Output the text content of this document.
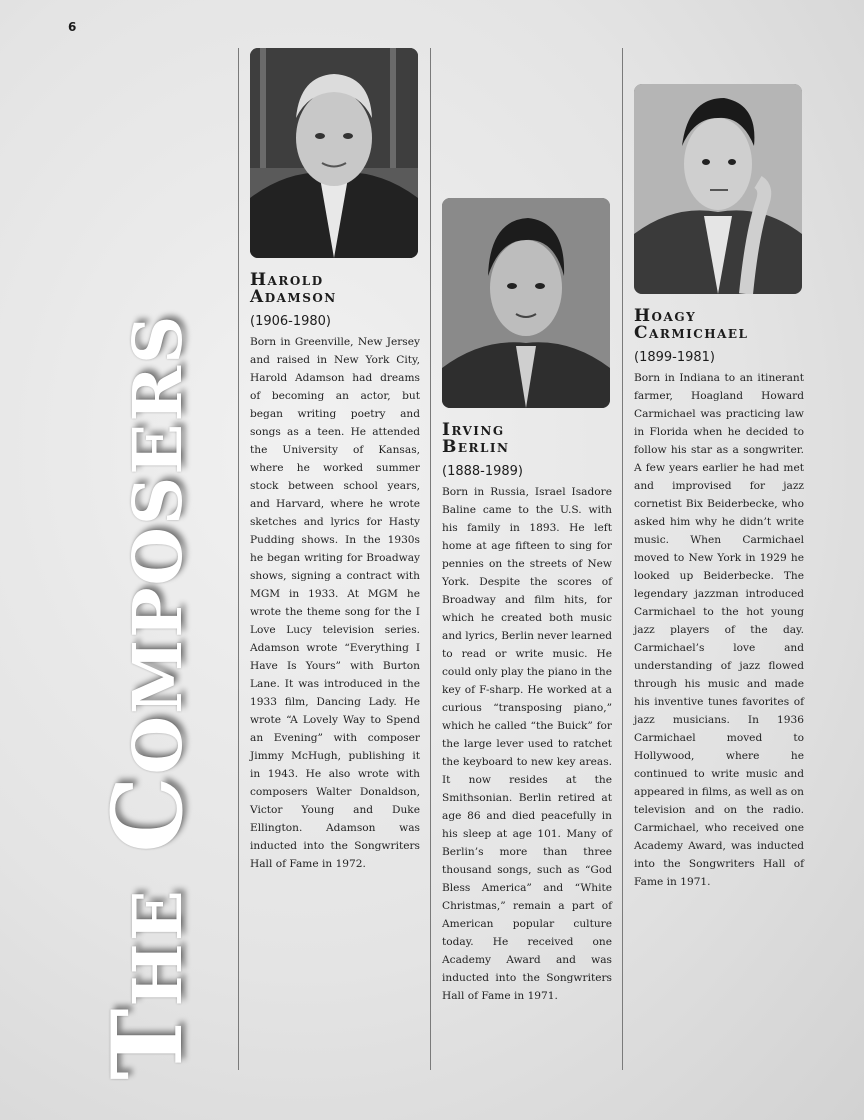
6
The Composers

Harold
Adamson

(1906-1980)

Born in Greenville, New Jersey and raised in New York City, Harold Adamson had dreams of becoming an actor, but began writing poetry and songs as a teen. He attended the University of Kansas, where he worked summer stock between school years, and Harvard, where he wrote sketches and lyrics for Hasty Pudding shows. In the 1930s he began writing for Broadway shows, signing a contract with MGM in 1933. At MGM he wrote the theme song for the I Love Lucy television series. Adamson wrote “Everything I Have Is Yours” with Burton Lane. It was introduced in the 1933 film, Dancing Lady. He wrote “A Lovely Way to Spend an Evening” with composer Jimmy McHugh, publishing it in 1943. He also wrote with composers Walter Donaldson, Victor Young and Duke Ellington. Adamson was inducted into the Songwriters Hall of Fame in 1972.

Irving
Berlin

(1888-1989)

Born in Russia, Israel Isadore Baline came to the U.S. with his family in 1893. He left home at age fifteen to sing for pennies on the streets of New York. Despite the scores of Broadway and film hits, for which he created both music and lyrics, Berlin never learned to read or write music. He could only play the piano in the key of F-sharp. He worked at a curious “transposing piano,” which he called “the Buick” for the large lever used to ratchet the keyboard to new key areas. It now resides at the Smithsonian. Berlin retired at age 86 and died peacefully in his sleep at age 101. Many of Berlin’s more than three thousand songs, such as “God Bless America” and “White Christmas,” remain a part of American popular culture today. He received one Academy Award and was inducted into the Songwriters Hall of Fame in 1971.

Hoagy
Carmichael

(1899-1981)

Born in Indiana to an itinerant farmer, Hoagland Howard Carmichael was practicing law in Florida when he decided to follow his star as a songwriter. A few years earlier he had met and improvised for jazz cornetist Bix Beiderbecke, who asked him why he didn’t write music. When Carmichael moved to New York in 1929 he looked up Beiderbecke. The legendary jazzman introduced Carmichael to the hot young jazz players of the day. Carmichael’s love and understanding of jazz flowed through his music and made his inventive tunes favorites of jazz musicians. In 1936 Carmichael moved to Hollywood, where he continued to write music and appeared in films, as well as on television and on the radio. Carmichael, who received one Academy Award, was inducted into the Songwriters Hall of Fame in 1971.
